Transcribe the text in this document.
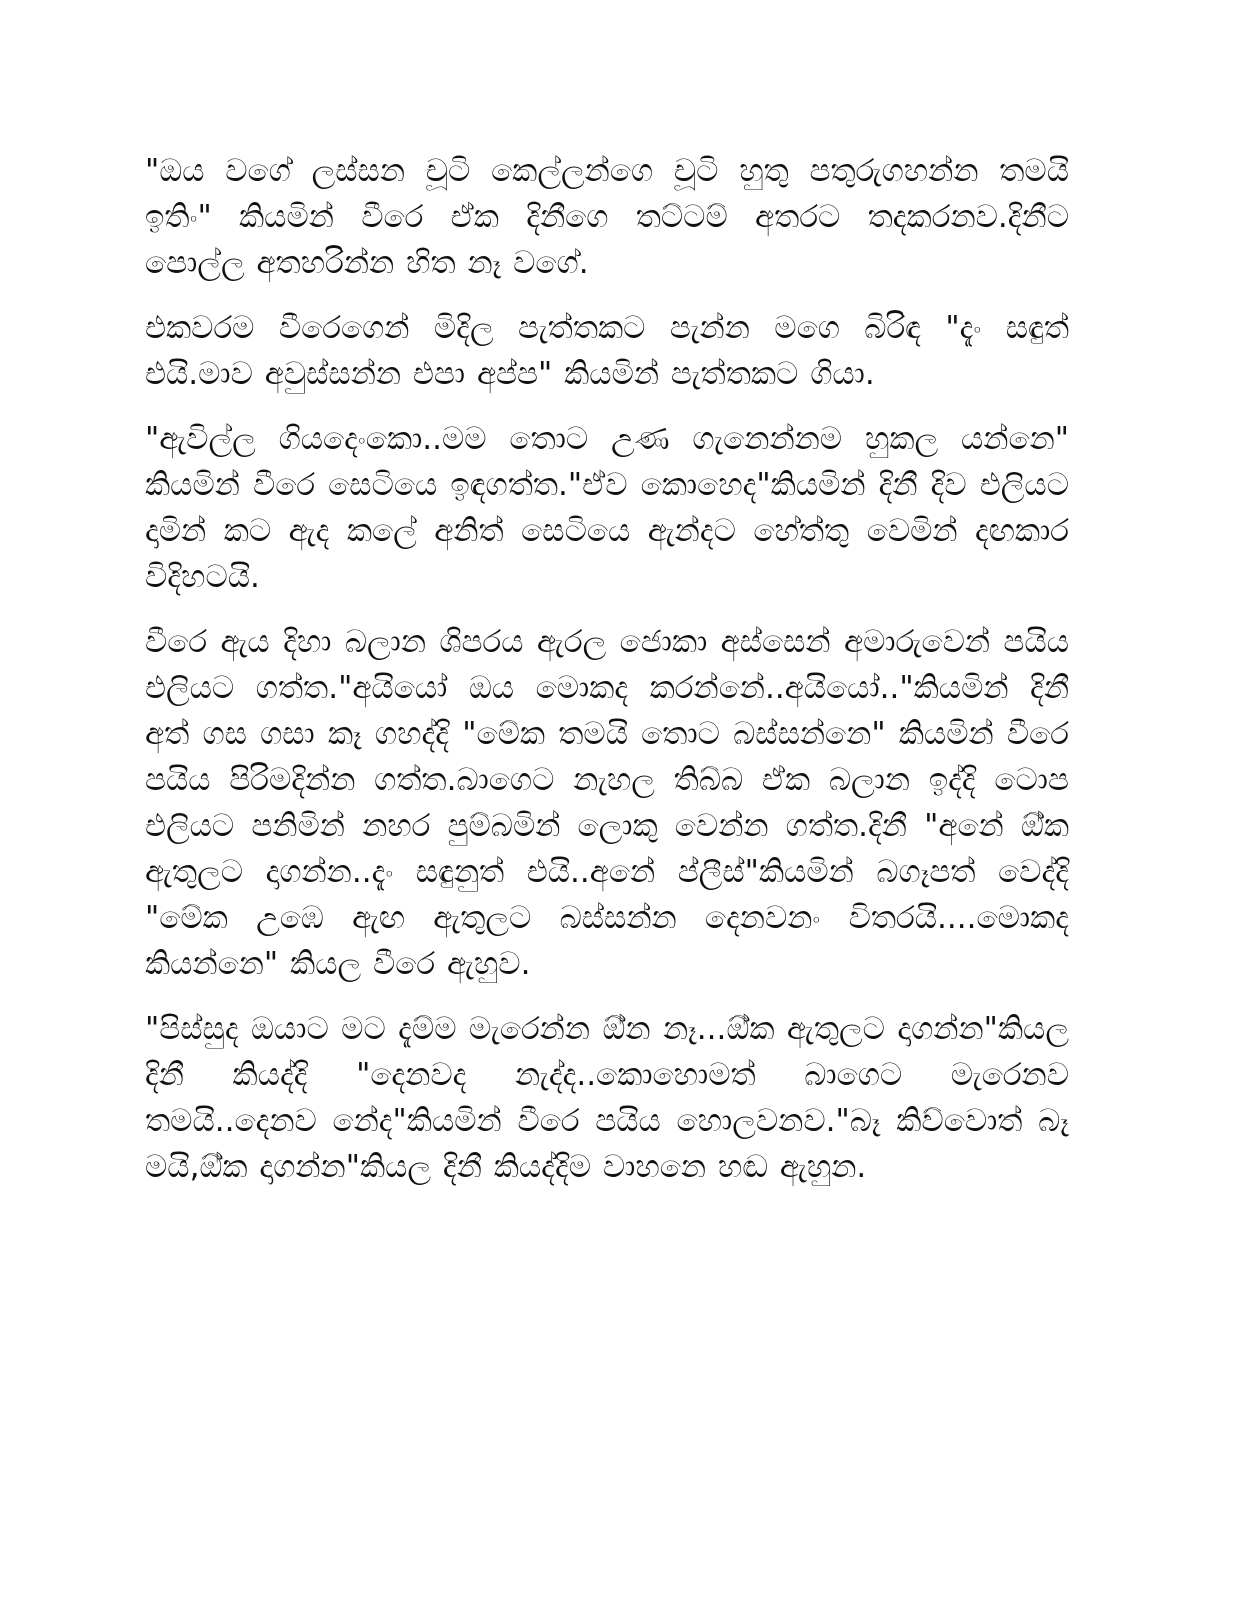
"ඔය වගේ ලස්සන චූටි කෙල්ලන්ගෙ චූටි හුතු පතුරුගහන්න තමයි ඉතිං" කියමින් වීරෙ ඒක දිනීගෙ තට්ටම් අතරට තදකරනව.දිනීට පොල්ල අතහරින්න හිත නෑ වගේ.

එකවරම වීරෙගෙන් මිදිල පැත්තකට පැන්න මගෙ බිරිඳ "දැං සඳුත් එයි.මාව අවුස්සන්න එපා අප්ප" කියමින් පැත්තකට ගියා.

"ඇවිල්ල ගියදෙංකො..මම තොට උණ ගැනෙන්නම හුකල යන්නෙ" කියමින් වීරෙ සෙටියෙ ඉඳගත්ත."ඒව කොහෙද"කියමින් දිනී දිව එලියට දාමින් කට ඇද කලේ අනිත් සෙටියෙ ඇන්දට හේත්තු වෙමින් දඟකාර විදිහටයි.

වීරෙ ඇය දිහා බලාන ශිපරය ඇරල ජොකා අස්සෙන් අමාරුවෙන් පයිය එලියට ගත්ත."අයියෝ ඔය මොකද කරන්නේ..අයියෝ.."කියමින් දිනී අත් ගස ගසා කෑ ගහද්දි "මේක තමයි තොට බස්සන්නෙ" කියමින් වීරෙ පයිය පිරිමදින්න ගත්ත.බාගෙට නැහල තිබ්බ ඒක බලාන ඉද්දි ටොප එලියට පනිමින් නහර පුම්බමින් ලොකු වෙන්න ගත්ත.දිනී "අනේ ඕ්ක ඇතුලට දාගන්න..දැං සඳුනුත් එයි..අනේ ප්ලීස්"කියමින් බගෑපත් වෙද්දි "මේක උඹෙ ඇඟ ඇතුලට බස්සන්න දෙනවනං විතරයි....මොකද කියන්නෙ" කියල වීරෙ ඇහුව.

"පිස්සුද ඔයාට මට දැම්ම මැරෙන්න ඕ්න නෑ...ඕ්ක ඇතුලට දාගන්න"කියල දිනී කියද්දි "දෙනවද නැද්ද..කොහොමත් බාගෙට මැරෙනව තමයි..දෙනව නේද"කියමින් වීරෙ පයිය හොලවනව."බෑ කිව්වොත් බෑ මයි,ඕ්ක දාගන්න"කියල දිනී කියද්දිම වාහනෙ හඬ ඇහුන.
